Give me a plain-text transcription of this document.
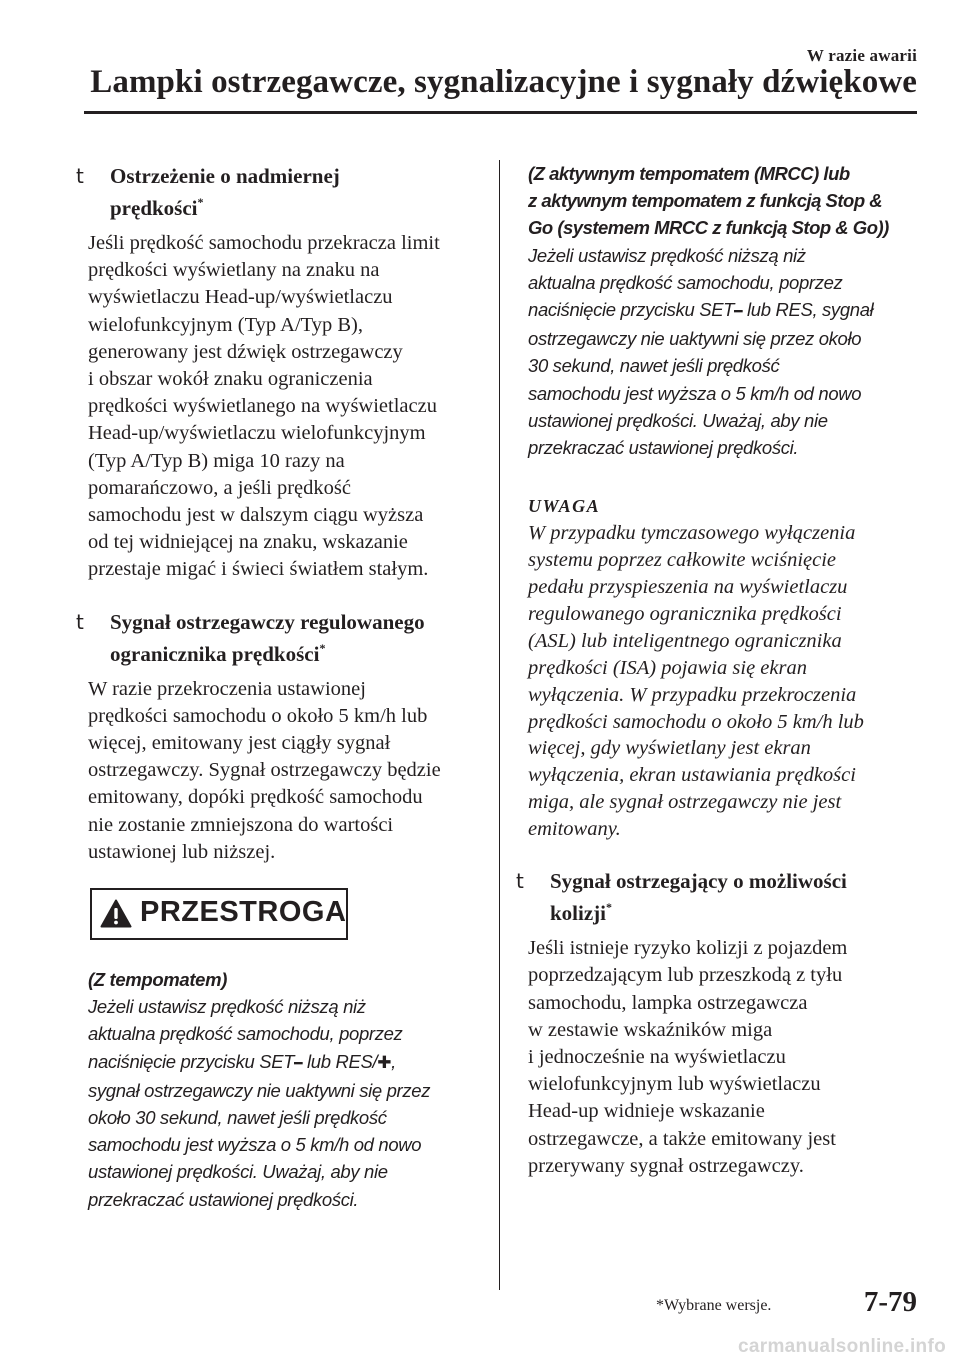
W razie awarii
Lampki ostrzegawcze, sygnalizacyjne i sygnały dźwiękowe
t Ostrzeżenie o nadmiernej
prędkości*

Jeśli prędkość samochodu przekracza limit
prędkości wyświetlany na znaku na
wyświetlaczu Head-up/wyświetlaczu
wielofunkcyjnym (Typ A/Typ B),
generowany jest dźwięk ostrzegawczy
i obszar wokół znaku ograniczenia
prędkości wyświetlanego na wyświetlaczu
Head-up/wyświetlaczu wielofunkcyjnym
(Typ A/Typ B) miga 10 razy na
pomarańczowo, a jeśli prędkość
samochodu jest w dalszym ciągu wyższa
od tej widniejącej na znaku, wskazanie
przestaje migać i świeci światłem stałym.

t Sygnał ostrzegawczy regulowanego
ogranicznika prędkości*

W razie przekroczenia ustawionej
prędkości samochodu o około 5 km/h lub
więcej, emitowany jest ciągły sygnał
ostrzegawczy. Sygnał ostrzegawczy będzie
emitowany, dopóki prędkość samochodu
nie zostanie zmniejszona do wartości
ustawionej lub niższej.

PRZESTROGA

(Z tempomatem)

Jeżeli ustawisz prędkość niższą niż
aktualna prędkość samochodu, poprzez
naciśnięcie przycisku SET━ lub RES/✚,
sygnał ostrzegawczy nie uaktywni się przez
około 30 sekund, nawet jeśli prędkość
samochodu jest wyższa o 5 km/h od nowo
ustawionej prędkości. Uważaj, aby nie
przekraczać ustawionej prędkości.

(Z aktywnym tempomatem (MRCC) lub
z aktywnym tempomatem z funkcją Stop &
Go (systemem MRCC z funkcją Stop & Go))

Jeżeli ustawisz prędkość niższą niż
aktualna prędkość samochodu, poprzez
naciśnięcie przycisku SET━ lub RES, sygnał
ostrzegawczy nie uaktywni się przez około
30 sekund, nawet jeśli prędkość
samochodu jest wyższa o 5 km/h od nowo
ustawionej prędkości. Uważaj, aby nie
przekraczać ustawionej prędkości.

UWAGA

W przypadku tymczasowego wyłączenia
systemu poprzez całkowite wciśnięcie
pedału przyspieszenia na wyświetlaczu
regulowanego ogranicznika prędkości
(ASL) lub inteligentnego ogranicznika
prędkości (ISA) pojawia się ekran
wyłączenia. W przypadku przekroczenia
prędkości samochodu o około 5 km/h lub
więcej, gdy wyświetlany jest ekran
wyłączenia, ekran ustawiania prędkości
miga, ale sygnał ostrzegawczy nie jest
emitowany.

t Sygnał ostrzegający o możliwości
kolizji*

Jeśli istnieje ryzyko kolizji z pojazdem
poprzedzającym lub przeszkodą z tyłu
samochodu, lampka ostrzegawcza
w zestawie wskaźników miga
i jednocześnie na wyświetlaczu
wielofunkcyjnym lub wyświetlaczu
Head-up widnieje wskazanie
ostrzegawcze, a także emitowany jest
przerywany sygnał ostrzegawczy.

*Wybrane wersje.	7-79
carmanualsonline.info
